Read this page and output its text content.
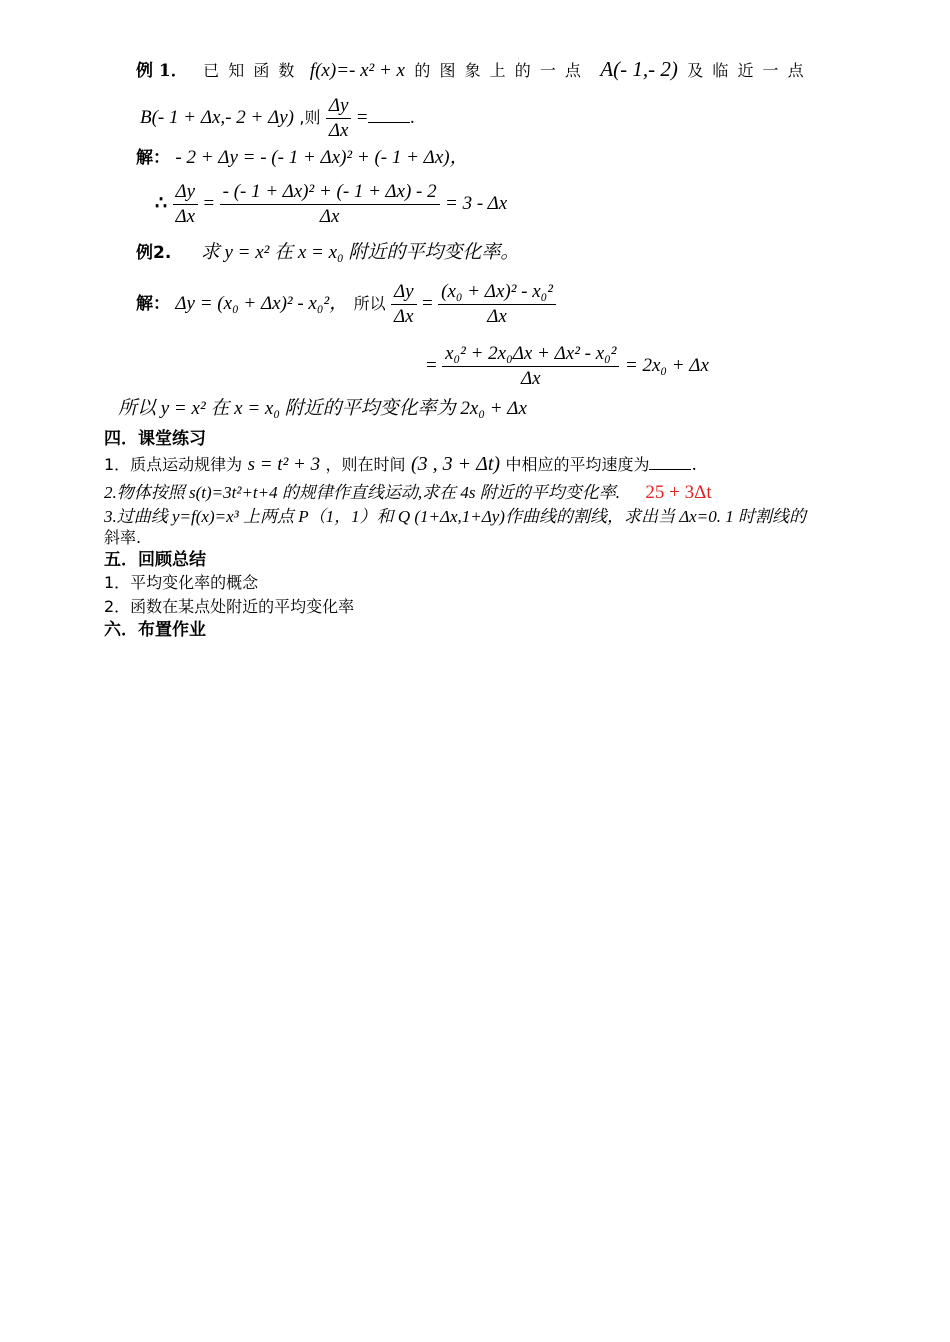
例 1． 已 知 函 数 f(x)=- x² + x 的 图 象 上 的 一 点 A(- 1,- 2) 及 临 近 一 点
B(- 1 + Δx,- 2 + Δy) ,则 $\frac{\Delta y}{\Delta x}$ = .
解： - 2 + Δy = - (- 1 + Δx)² + (- 1 + Δx)，
∴ $\frac{\Delta y}{\Delta x} = \frac{\text{- (- 1 + Δx)² + (- 1 + Δx) - 2}}{\Delta x} = 3 - \Delta x$
例2. 求 y = x² 在 x = x₀ 附近的平均变化率。
解： Δy = (x₀ + Δx)² - x₀²， 所以 $\frac{\Delta y}{\Delta x} = \frac{\text{(x₀ + Δx)² - x₀²}}{\Delta x}$
= $\frac{\text{x₀² + 2x₀Δx + Δx² - x₀²}}{\Delta x} = 2x_0 + \Delta x$
所以 y = x² 在 x = x₀ 附近的平均变化率为 2x₀ + Δx
四．课堂练习
1．质点运动规律为 s = t² + 3 ，则在时间 (3 , 3 + Δt) 中相应的平均速度为 .
2.物体按照 s(t)=3t²+t+4 的规律作直线运动,求在 4s 附近的平均变化率. 25 + 3Δt
3.过曲线 y=f(x)=x³ 上两点 P（1，1）和 Q (1+Δx,1+Δy)作曲线的割线，求出当 Δx=0. 1 时割线的
斜率.
五．回顾总结
1．平均变化率的概念
2．函数在某点处附近的平均变化率
六．布置作业
